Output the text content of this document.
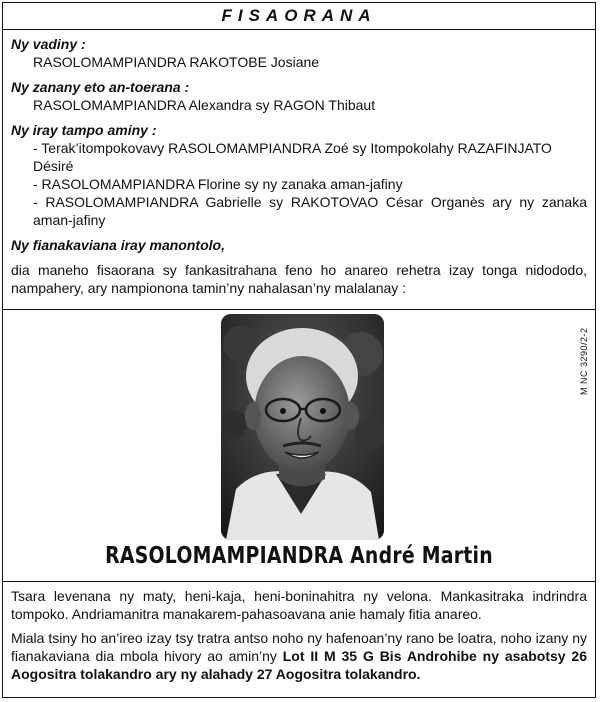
FISAORANA
Ny vadiny :
RASOLOMAMPIANDRA RAKOTOBE Josiane
Ny zanany eto an-toerana :
RASOLOMAMPIANDRA Alexandra sy RAGON Thibaut
Ny iray tampo aminy :
- Terak’itompokovavy RASOLOMAMPIANDRA Zoé sy Itompokolahy RAZAFINJATO Désiré
- RASOLOMAMPIANDRA Florine sy ny zanaka aman-jafiny
- RASOLOMAMPIANDRA Gabrielle sy RAKOTOVAO César Organès ary ny zanaka aman-jafiny
Ny fianakaviana iray manontolo,
dia maneho fisaorana sy fankasitrahana feno ho anareo rehetra izay tonga nidododo, nampahery, ary nampionona tamin’ny nahalasan’ny malalanay :
M NC 3290/2-2
RASOLOMAMPIANDRA André Martin
Tsara levenana ny maty, heni-kaja, heni-boninahitra ny velona. Mankasitraka indrindra tompoko. Andriamanitra manakarem-pahasoavana anie hamaly fitia anareo.
Miala tsiny ho an’ireo izay tsy tratra antso noho ny hafenoan’ny rano be loatra, noho izany ny fianakaviana dia mbola hivory ao amin’ny Lot II M 35 G Bis Androhibe ny asabotsy 26 Aogositra tolakandro ary ny alahady 27 Aogositra tolakandro.
